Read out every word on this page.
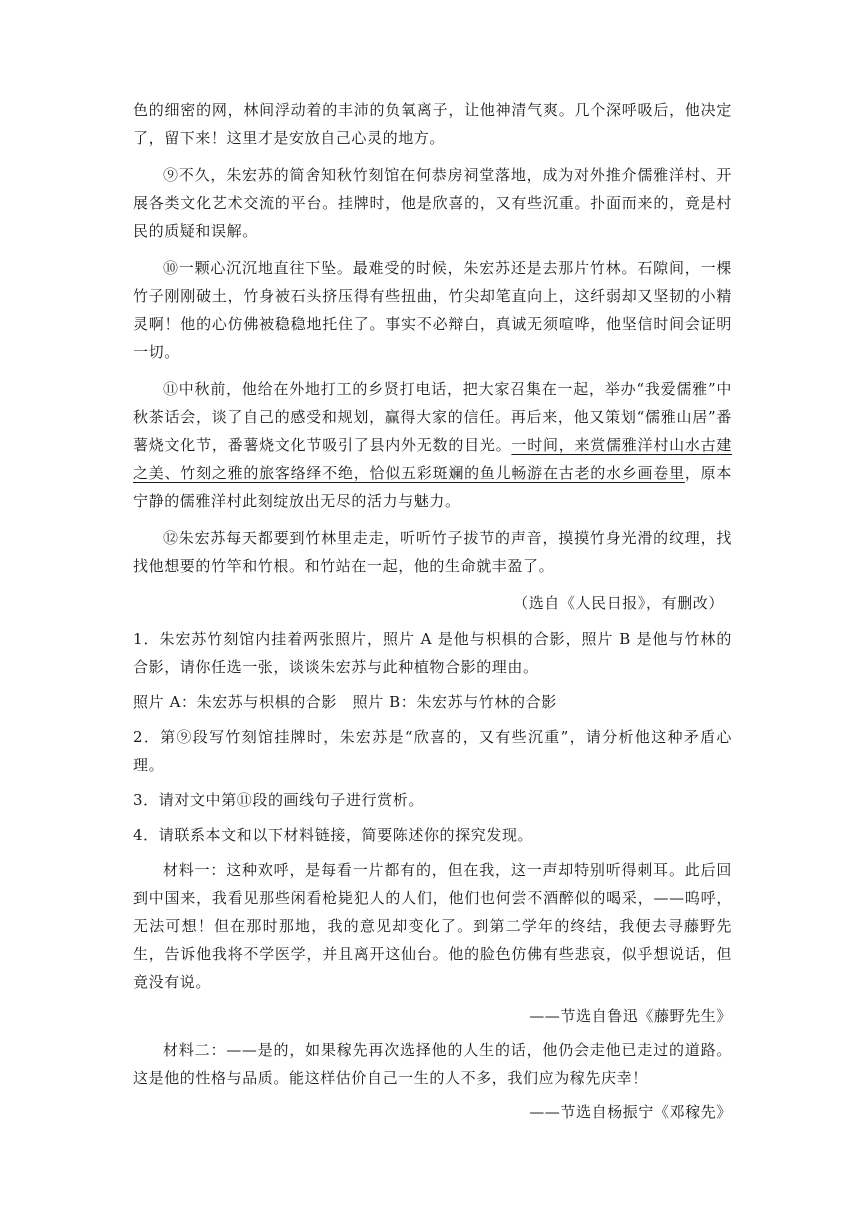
色的细密的网，林间浮动着的丰沛的负氧离子，让他神清气爽。几个深呼吸后，他决定了，留下来！这里才是安放自己心灵的地方。

⑨不久，朱宏苏的简舍知秋竹刻馆在何恭房祠堂落地，成为对外推介儒雅洋村、开展各类文化艺术交流的平台。挂牌时，他是欣喜的，又有些沉重。扑面而来的，竟是村民的质疑和误解。

⑩一颗心沉沉地直往下坠。最难受的时候，朱宏苏还是去那片竹林。石隙间，一棵竹子刚刚破土，竹身被石头挤压得有些扭曲，竹尖却笔直向上，这纤弱却又坚韧的小精灵啊！他的心仿佛被稳稳地托住了。事实不必辩白，真诚无须喧哗，他坚信时间会证明一切。

⑪中秋前，他给在外地打工的乡贤打电话，把大家召集在一起，举办“我爱儒雅”中秋茶话会，谈了自己的感受和规划，赢得大家的信任。再后来，他又策划“儒雅山居”番薯烧文化节，番薯烧文化节吸引了县内外无数的目光。一时间，来赏儒雅洋村山水古建之美、竹刻之雅的旅客络绎不绝，恰似五彩斑斓的鱼儿畅游在古老的水乡画卷里，原本宁静的儒雅洋村此刻绽放出无尽的活力与魅力。

⑫朱宏苏每天都要到竹林里走走，听听竹子拔节的声音，摸摸竹身光滑的纹理，找找他想要的竹竿和竹根。和竹站在一起，他的生命就丰盈了。

（选自《人民日报》，有删改）

1．朱宏苏竹刻馆内挂着两张照片，照片 A 是他与枳椇的合影，照片 B 是他与竹林的合影，请你任选一张，谈谈朱宏苏与此种植物合影的理由。

照片 A：朱宏苏与枳椇的合影　照片 B：朱宏苏与竹林的合影

2．第⑨段写竹刻馆挂牌时，朱宏苏是“欣喜的，又有些沉重”，请分析他这种矛盾心理。

3．请对文中第⑪段的画线句子进行赏析。

4．请联系本文和以下材料链接，简要陈述你的探究发现。

材料一：这种欢呼，是每看一片都有的，但在我，这一声却特别听得刺耳。此后回到中国来，我看见那些闲看枪毙犯人的人们，他们也何尝不酒醉似的喝采，——呜呼，无法可想！但在那时那地，我的意见却变化了。到第二学年的终结，我便去寻藤野先生，告诉他我将不学医学，并且离开这仙台。他的脸色仿佛有些悲哀，似乎想说话，但竟没有说。

——节选自鲁迅《藤野先生》

材料二：——是的，如果稼先再次选择他的人生的话，他仍会走他已走过的道路。这是他的性格与品质。能这样估价自己一生的人不多，我们应为稼先庆幸！

——节选自杨振宁《邓稼先》
